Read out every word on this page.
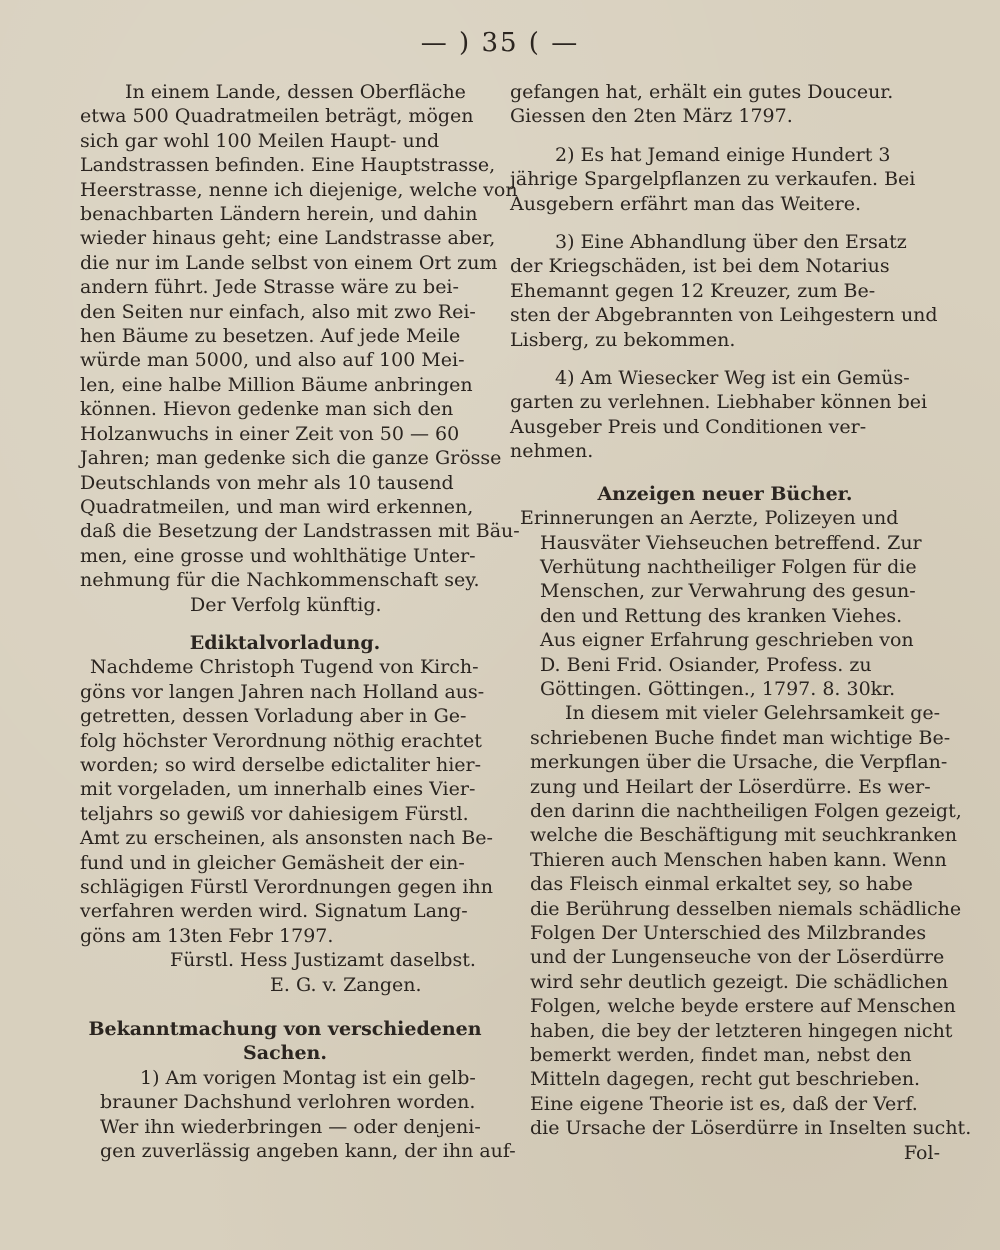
— ) 35 ( —
In einem Lande, dessen Oberfläche
etwa 500 Quadratmeilen beträgt, mögen
sich gar wohl 100 Meilen Haupt- und
Landstrassen befinden. Eine Hauptstrasse,
Heerstrasse, nenne ich diejenige, welche von
benachbarten Ländern herein, und dahin
wieder hinaus geht; eine Landstrasse aber,
die nur im Lande selbst von einem Ort zum
andern führt. Jede Strasse wäre zu bei-
den Seiten nur einfach, also mit zwo Rei-
hen Bäume zu besetzen. Auf jede Meile
würde man 5000, und also auf 100 Mei-
len, eine halbe Million Bäume anbringen
können. Hievon gedenke man sich den
Holzanwuchs in einer Zeit von 50 — 60
Jahren; man gedenke sich die ganze Grösse
Deutschlands von mehr als 10 tausend
Quadratmeilen, und man wird erkennen,
daß die Besetzung der Landstrassen mit Bäu-
men, eine grosse und wohlthätige Unter-
nehmung für die Nachkommenschaft sey.
Der Verfolg künftig.
Ediktalvorladung.
Nachdeme Christoph Tugend von Kirch-
göns vor langen Jahren nach Holland aus-
getretten, dessen Vorladung aber in Ge-
folg höchster Verordnung nöthig erachtet
worden; so wird derselbe edictaliter hier-
mit vorgeladen, um innerhalb eines Vier-
teljahrs so gewiß vor dahiesigem Fürstl.
Amt zu erscheinen, als ansonsten nach Be-
fund und in gleicher Gemäsheit der ein-
schlägigen Fürstl Verordnungen gegen ihn
verfahren werden wird. Signatum Lang-
göns am 13ten Febr 1797.
Fürstl. Hess Justizamt daselbst.
E. G. v. Zangen.
Bekanntmachung von verschiedenen
Sachen.
1) Am vorigen Montag ist ein gelb-
brauner Dachshund verlohren worden.
Wer ihn wiederbringen — oder denjeni-
gen zuverlässig angeben kann, der ihn auf-
gefangen hat, erhält ein gutes Douceur.
Giessen den 2ten März 1797.
2) Es hat Jemand einige Hundert 3
jährige Spargelpflanzen zu verkaufen. Bei
Ausgebern erfährt man das Weitere.
3) Eine Abhandlung über den Ersatz
der Kriegschäden, ist bei dem Notarius
Ehemannt gegen 12 Kreuzer, zum Be-
sten der Abgebrannten von Leihgestern und
Lisberg, zu bekommen.
4) Am Wiesecker Weg ist ein Gemüs-
garten zu verlehnen. Liebhaber können bei
Ausgeber Preis und Conditionen ver-
nehmen.
Anzeigen neuer Bücher.
Erinnerungen an Aerzte, Polizeyen und
Hausväter Viehseuchen betreffend. Zur
Verhütung nachtheiliger Folgen für die
Menschen, zur Verwahrung des gesun-
den und Rettung des kranken Viehes.
Aus eigner Erfahrung geschrieben von
D. Beni Frid. Osiander, Profess. zu
Göttingen. Göttingen., 1797. 8. 30kr.
In diesem mit vieler Gelehrsamkeit ge-
schriebenen Buche findet man wichtige Be-
merkungen über die Ursache, die Verpflan-
zung und Heilart der Löserdürre. Es wer-
den darinn die nachtheiligen Folgen gezeigt,
welche die Beschäftigung mit seuchkranken
Thieren auch Menschen haben kann. Wenn
das Fleisch einmal erkaltet sey, so habe
die Berührung desselben niemals schädliche
Folgen Der Unterschied des Milzbrandes
und der Lungenseuche von der Löserdürre
wird sehr deutlich gezeigt. Die schädlichen
Folgen, welche beyde erstere auf Menschen
haben, die bey der letzteren hingegen nicht
bemerkt werden, findet man, nebst den
Mitteln dagegen, recht gut beschrieben.
Eine eigene Theorie ist es, daß der Verf.
die Ursache der Löserdürre in Inselten sucht.
Fol-
